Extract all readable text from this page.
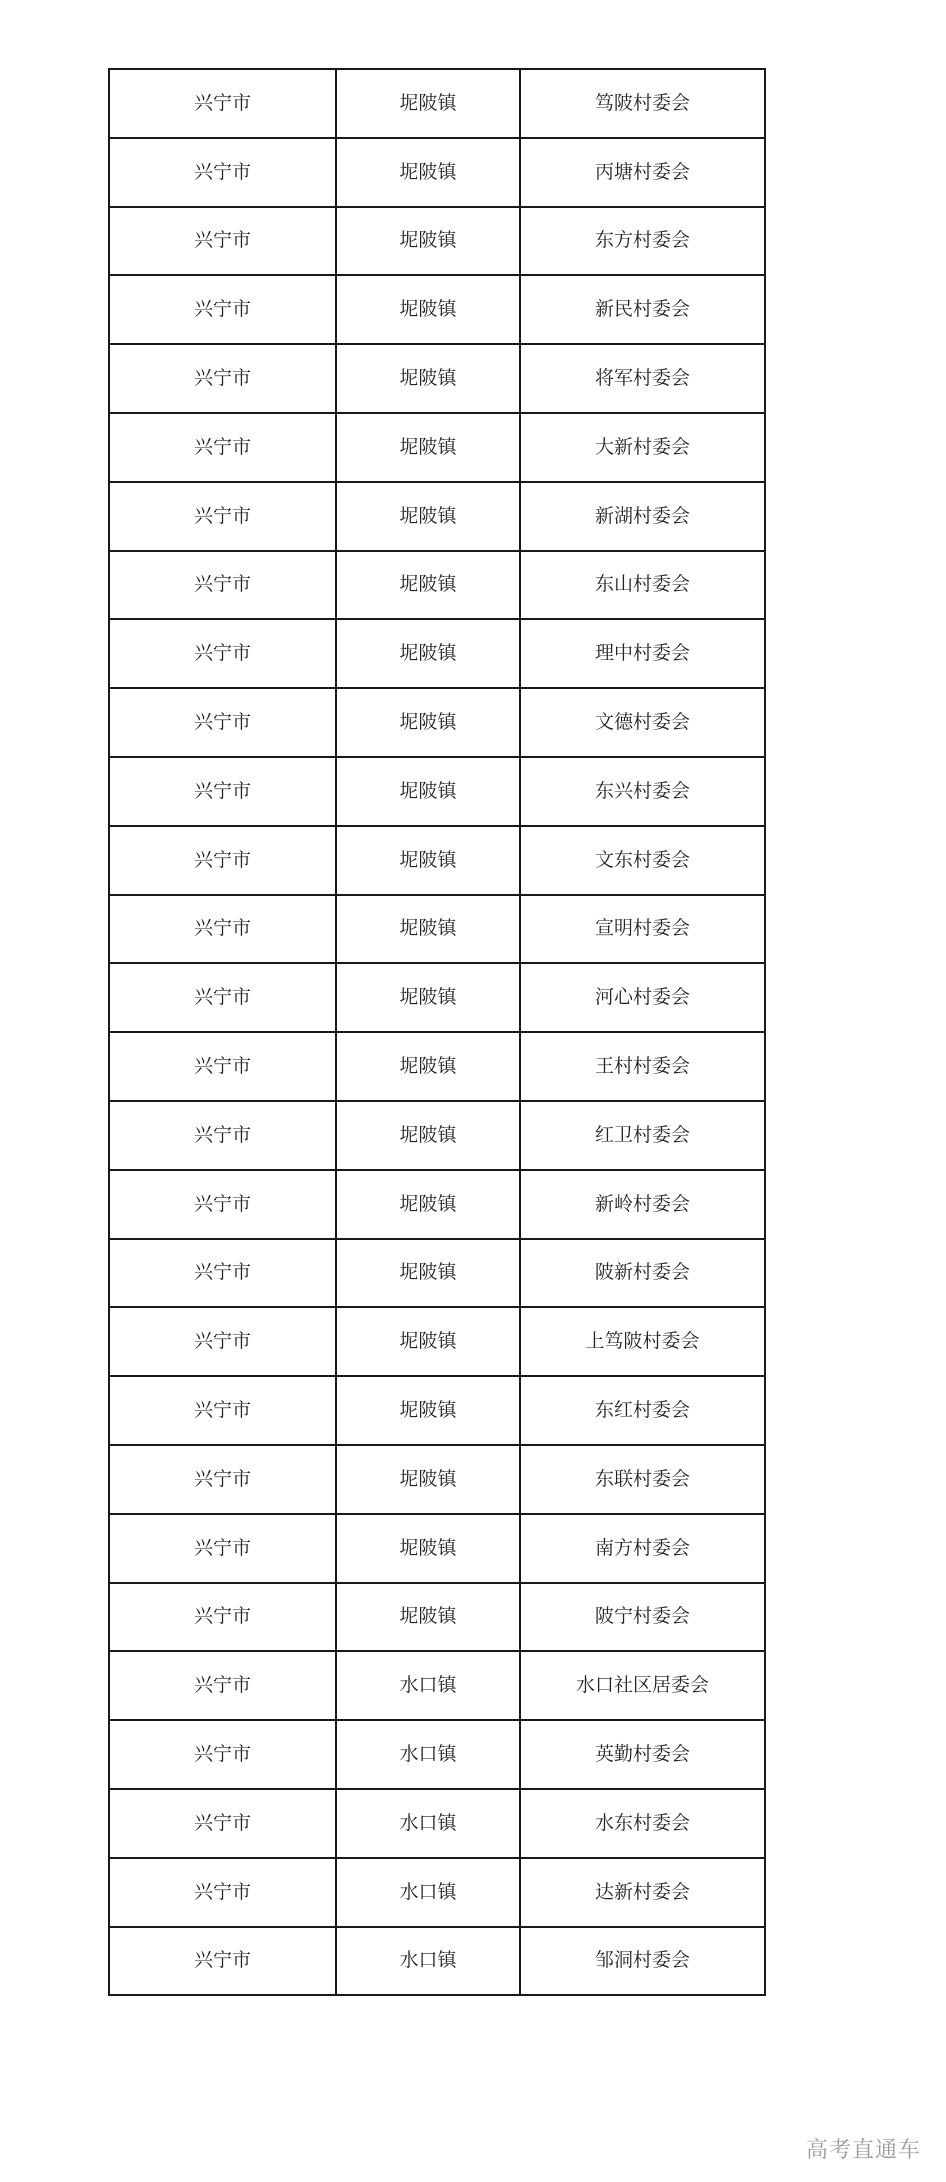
兴宁市	坭陂镇	笃陂村委会
兴宁市	坭陂镇	丙塘村委会
兴宁市	坭陂镇	东方村委会
兴宁市	坭陂镇	新民村委会
兴宁市	坭陂镇	将军村委会
兴宁市	坭陂镇	大新村委会
兴宁市	坭陂镇	新湖村委会
兴宁市	坭陂镇	东山村委会
兴宁市	坭陂镇	理中村委会
兴宁市	坭陂镇	文德村委会
兴宁市	坭陂镇	东兴村委会
兴宁市	坭陂镇	文东村委会
兴宁市	坭陂镇	宣明村委会
兴宁市	坭陂镇	河心村委会
兴宁市	坭陂镇	王村村委会
兴宁市	坭陂镇	红卫村委会
兴宁市	坭陂镇	新岭村委会
兴宁市	坭陂镇	陂新村委会
兴宁市	坭陂镇	上笃陂村委会
兴宁市	坭陂镇	东红村委会
兴宁市	坭陂镇	东联村委会
兴宁市	坭陂镇	南方村委会
兴宁市	坭陂镇	陂宁村委会
兴宁市	水口镇	水口社区居委会
兴宁市	水口镇	英勤村委会
兴宁市	水口镇	水东村委会
兴宁市	水口镇	达新村委会
兴宁市	水口镇	邹洞村委会
高考直通车
